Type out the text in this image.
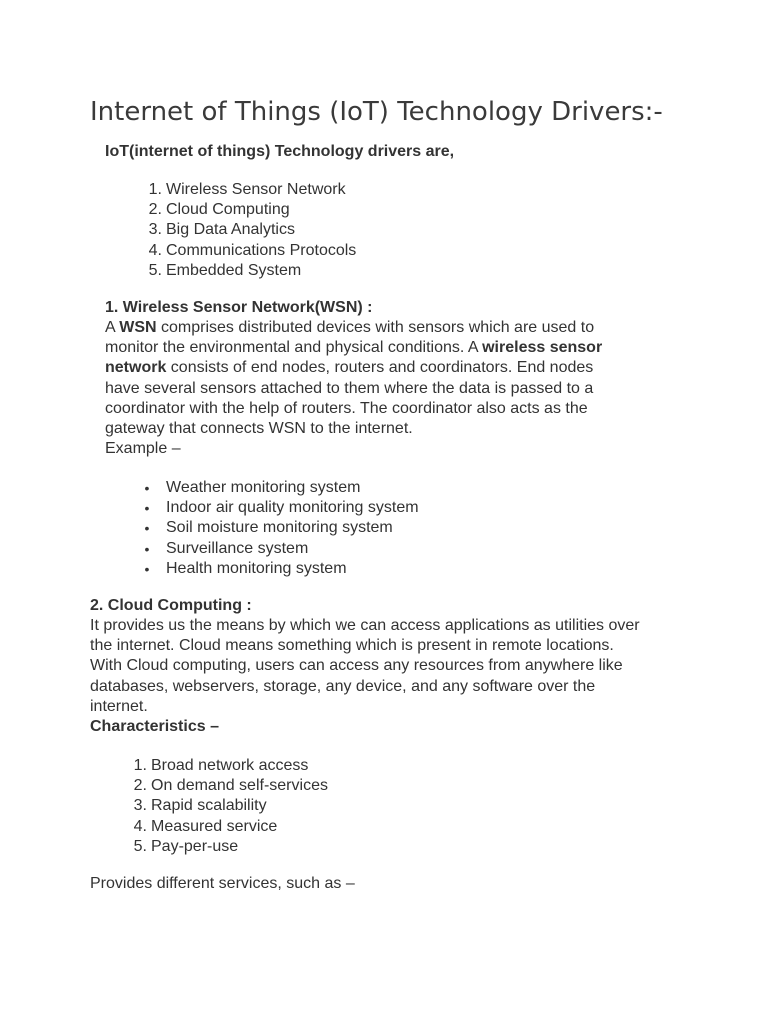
Internet of Things (IoT) Technology Drivers:-
IoT(internet of things) Technology drivers are,
1. Wireless Sensor Network
2. Cloud Computing
3. Big Data Analytics
4. Communications Protocols
5. Embedded System
1. Wireless Sensor Network(WSN) :
A WSN comprises distributed devices with sensors which are used to
monitor the environmental and physical conditions. A wireless sensor
network consists of end nodes, routers and coordinators. End nodes
have several sensors attached to them where the data is passed to a
coordinator with the help of routers. The coordinator also acts as the
gateway that connects WSN to the internet.
Example –
• Weather monitoring system
• Indoor air quality monitoring system
• Soil moisture monitoring system
• Surveillance system
• Health monitoring system
2. Cloud Computing :
It provides us the means by which we can access applications as utilities over
the internet. Cloud means something which is present in remote locations.
With Cloud computing, users can access any resources from anywhere like
databases, webservers, storage, any device, and any software over the
internet.
Characteristics –
1. Broad network access
2. On demand self-services
3. Rapid scalability
4. Measured service
5. Pay-per-use
Provides different services, such as –
